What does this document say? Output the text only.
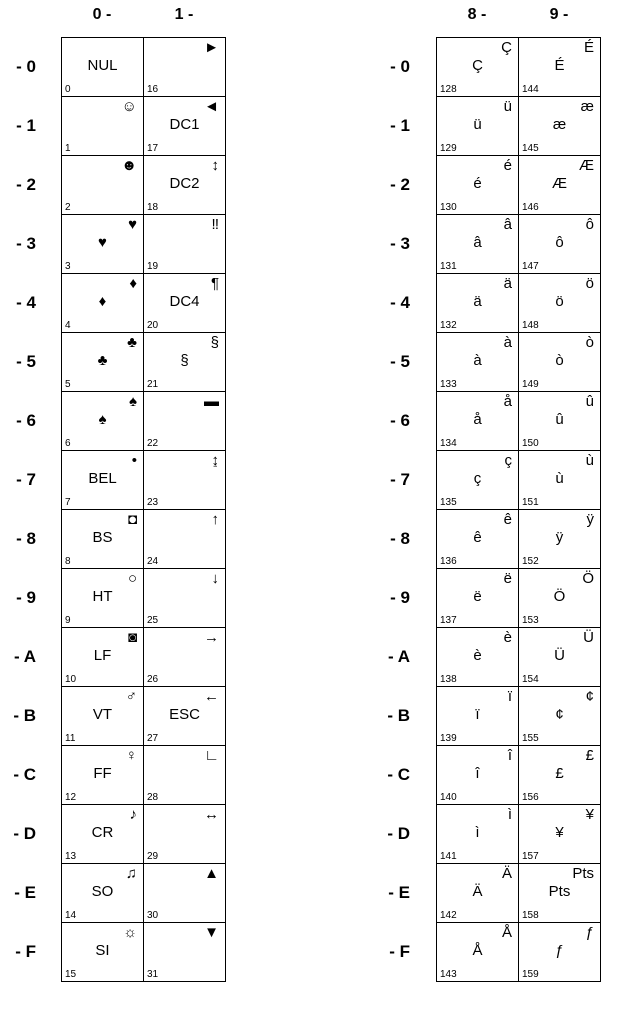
0 -	1 -
- 0
- 1
- 2
- 3
- 4
- 5
- 6
- 7
- 8
- 9
- A
- B
- C
- D
- E
- F
NUL
0
☺
1
☻
2
♥
♥
3
♦
♦
4
♣
♣
5
♠
♠
6
•
BEL
7
◘
BS
8
○
HT
9
◙
LF
10
♂
VT
11
♀
FF
12
♪
CR
13
♫
SO
14
☼
SI
15
►
16
◄
DC1
17
↕
DC2
18
‼
19
¶
DC4
20
§
§
21
▬
22
↨
23
↑
24
↓
25
→
26
←
ESC
27
∟
28
↔
29
▲
30
▼
31
8 -	9 -
- 0
- 1
- 2
- 3
- 4
- 5
- 6
- 7
- 8
- 9
- A
- B
- C
- D
- E
- F
Ç
Ç
128
ü
ü
129
é
é
130
â
â
131
ä
ä
132
à
à
133
å
å
134
ç
ç
135
ê
ê
136
ë
ë
137
è
è
138
ï
ï
139
î
î
140
ì
ì
141
Ä
Ä
142
Å
Å
143
É
É
144
æ
æ
145
Æ
Æ
146
ô
ô
147
ö
ö
148
ò
ò
149
û
û
150
ù
ù
151
ÿ
ÿ
152
Ö
Ö
153
Ü
Ü
154
¢
¢
155
£
£
156
¥
¥
157
Pts
Pts
158
ƒ
ƒ
159
